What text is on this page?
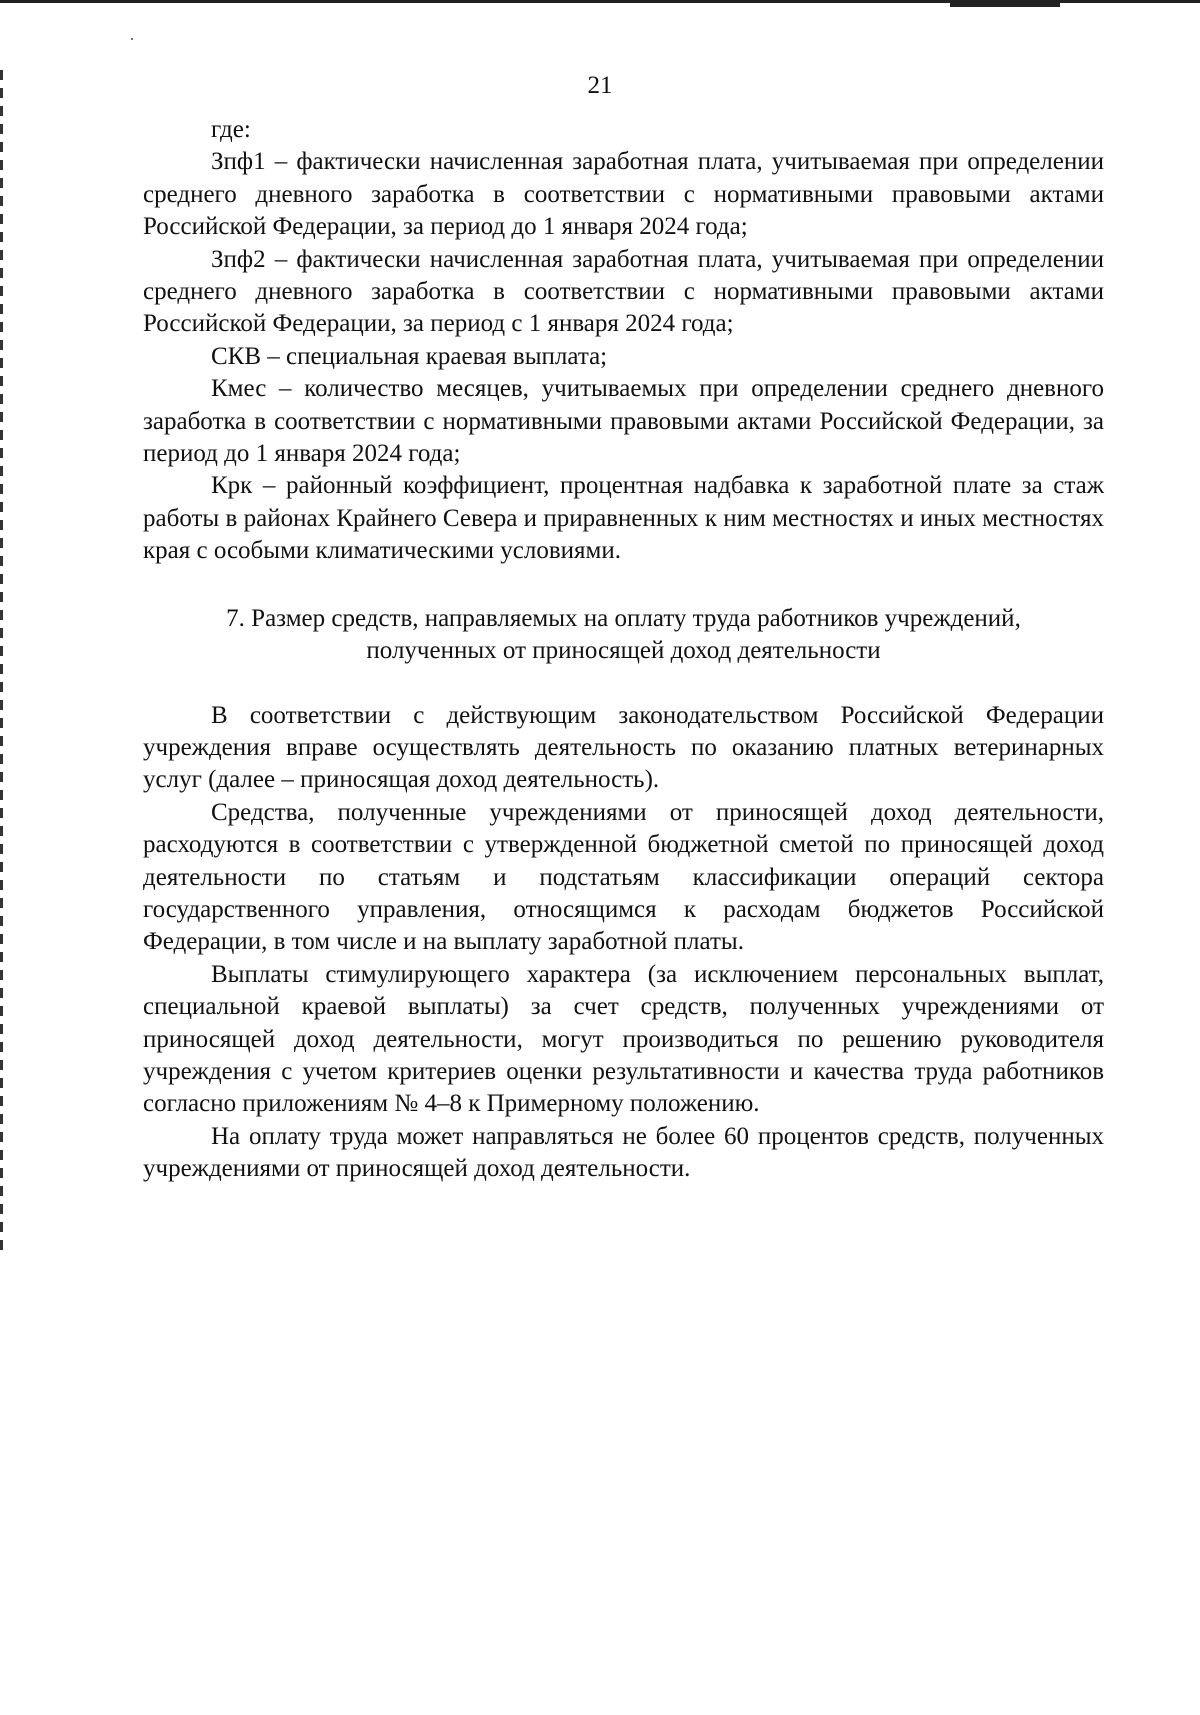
21

где:

Зпф1 – фактически начисленная заработная плата, учитываемая при определении среднего дневного заработка в соответствии с нормативными правовыми актами Российской Федерации, за период до 1 января 2024 года;

Зпф2 – фактически начисленная заработная плата, учитываемая при определении среднего дневного заработка в соответствии с нормативными правовыми актами Российской Федерации, за период с 1 января 2024 года;

СКВ – специальная краевая выплата;

Кмес – количество месяцев, учитываемых при определении среднего дневного заработка в соответствии с нормативными правовыми актами Российской Федерации, за период до 1 января 2024 года;

Крк – районный коэффициент, процентная надбавка к заработной плате за стаж работы в районах Крайнего Севера и приравненных к ним местностях и иных местностях края с особыми климатическими условиями.

7. Размер средств, направляемых на оплату труда работников учреждений,
полученных от приносящей доход деятельности

В соответствии с действующим законодательством Российской Федерации учреждения вправе осуществлять деятельность по оказанию платных ветеринарных услуг (далее – приносящая доход деятельность).

Средства, полученные учреждениями от приносящей доход деятельности, расходуются в соответствии с утвержденной бюджетной сметой по приносящей доход деятельности по статьям и подстатьям классификации операций сектора государственного управления, относящимся к расходам бюджетов Российской Федерации, в том числе и на выплату заработной платы.

Выплаты стимулирующего характера (за исключением персональных выплат, специальной краевой выплаты) за счет средств, полученных учреждениями от приносящей доход деятельности, могут производиться по решению руководителя учреждения с учетом критериев оценки результативности и качества труда работников согласно приложениям № 4–8 к Примерному положению.

На оплату труда может направляться не более 60 процентов средств, полученных учреждениями от приносящей доход деятельности.
